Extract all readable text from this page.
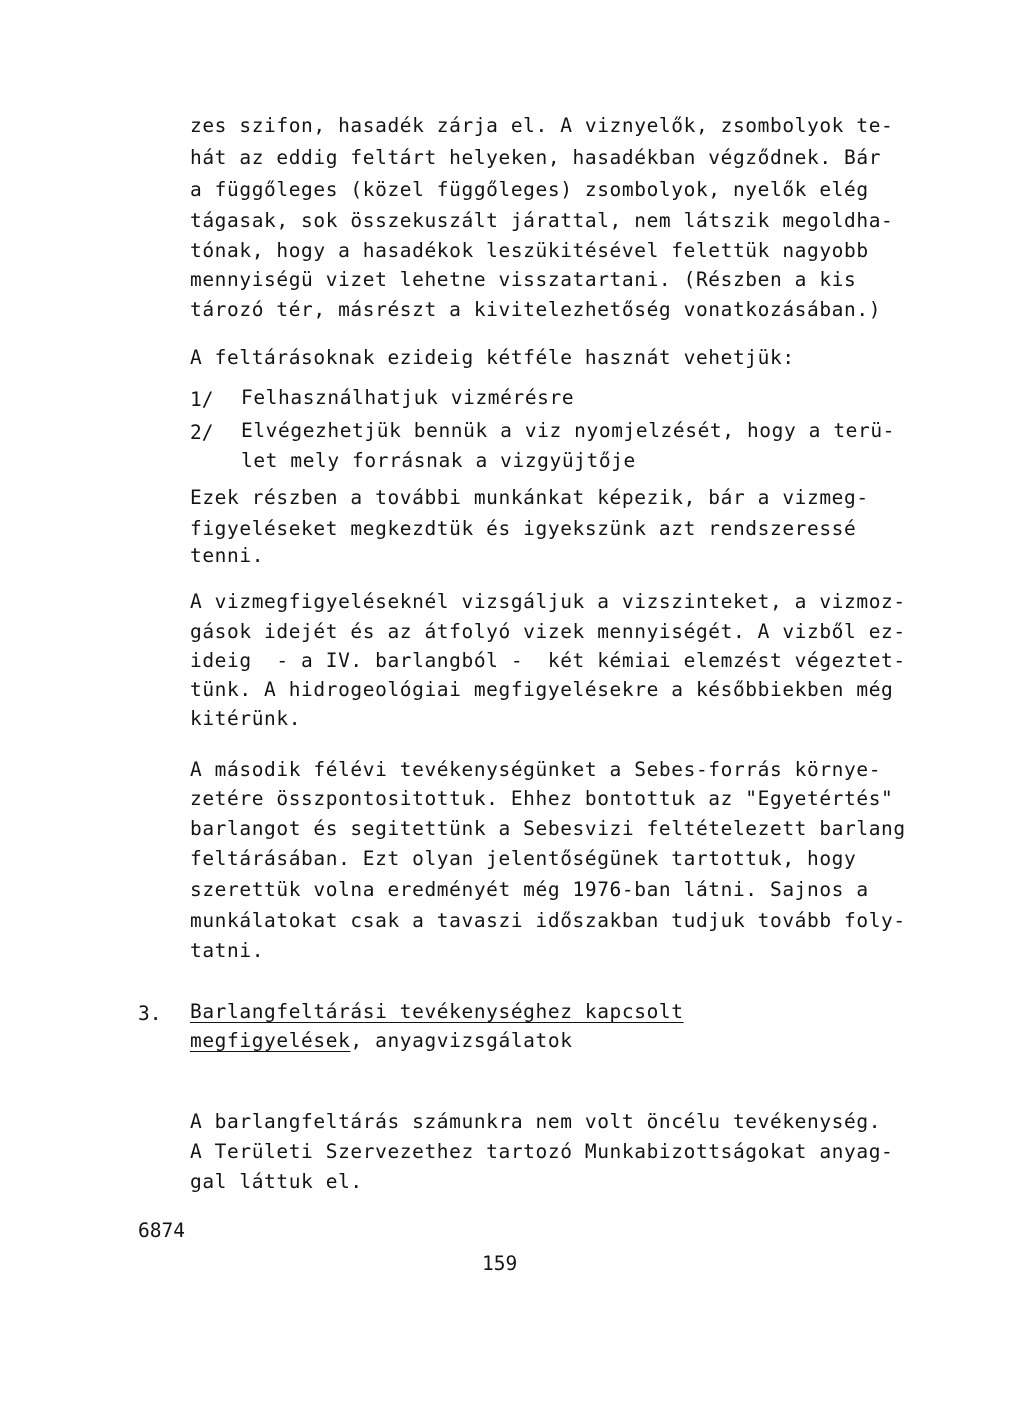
zes szifon, hasadék zárja el. A viznyelők, zsombolyok te-
hát az eddig feltárt helyeken, hasadékban végződnek. Bár
a függőleges (közel függőleges) zsombolyok, nyelők elég
tágasak, sok összekuszált járattal, nem látszik megoldha-
tónak, hogy a hasadékok leszükitésével felettük nagyobb
mennyiségü vizet lehetne visszatartani. (Részben a kis
tározó tér, másrészt a kivitelezhetőség vonatkozásában.)
A feltárásoknak ezideig kétféle hasznát vehetjük:
1/ Felhasználhatjuk vizmérésre
2/ Elvégezhetjük bennük a viz nyomjelzését, hogy a terü-
let mely forrásnak a vizgyüjtője
Ezek részben a további munkánkat képezik, bár a vizmeg-
figyeléseket megkezdtük és igyekszünk azt rendszeressé
tenni.
A vizmegfigyeléseknél vizsgáljuk a vizszinteket, a vizmoz-
gások idejét és az átfolyó vizek mennyiségét. A vizből ez-
ideig  - a IV. barlangból -  két kémiai elemzést végeztet-
tünk. A hidrogeológiai megfigyelésekre a későbbiekben még
kitérünk.
A második félévi tevékenységünket a Sebes-forrás környe-
zetére összpontositottuk. Ehhez bontottuk az "Egyetértés"
barlangot és segitettünk a Sebesvizi feltételezett barlang
feltárásában. Ezt olyan jelentőségünek tartottuk, hogy
szerettük volna eredményét még 1976-ban látni. Sajnos a
munkálatokat csak a tavaszi időszakban tudjuk tovább foly-
tatni.
3. Barlangfeltárási tevékenységhez kapcsolt
megfigyelések, anyagvizsgálatok
A barlangfeltárás számunkra nem volt öncélu tevékenység.
A Területi Szervezethez tartozó Munkabizottságokat anyag-
gal láttuk el.
6874
159
